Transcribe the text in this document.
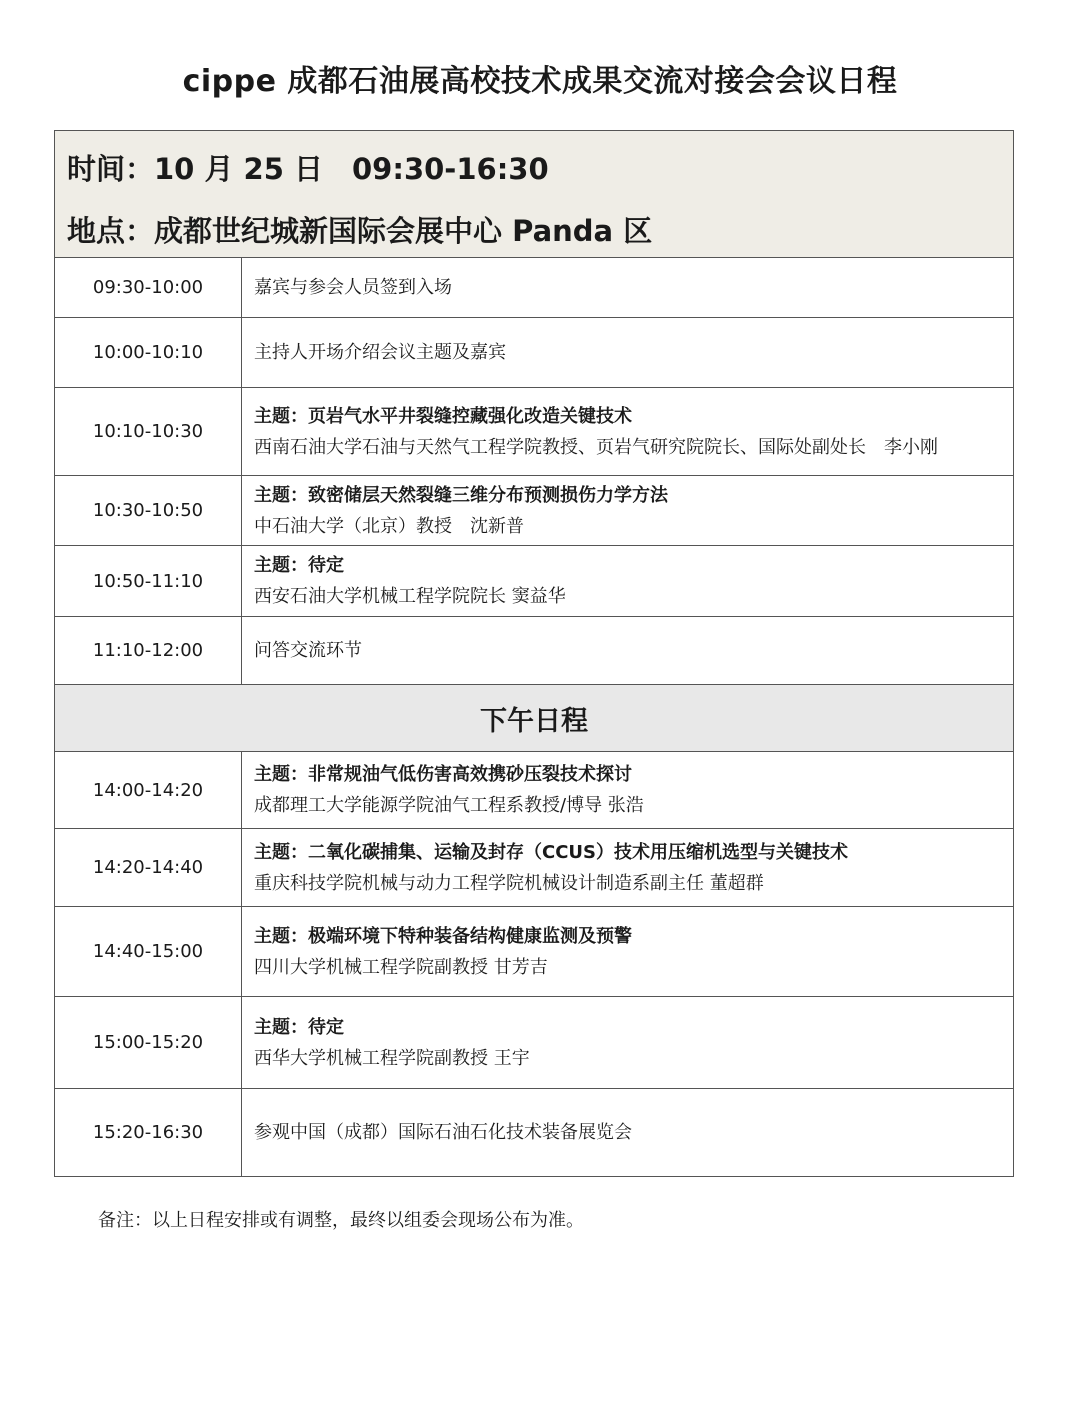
cippe 成都石油展高校技术成果交流对接会会议日程
时间：10 月 25 日　09:30-16:30
地点：成都世纪城新国际会展中心 Panda 区
09:30-10:00	嘉宾与参会人员签到入场
10:00-10:10	主持人开场介绍会议主题及嘉宾
10:10-10:30
主题：页岩气水平井裂缝控藏强化改造关键技术
西南石油大学石油与天然气工程学院教授、页岩气研究院院长、国际处副处长　李小刚
10:30-10:50
主题：致密储层天然裂缝三维分布预测损伤力学方法
中石油大学（北京）教授　沈新普
10:50-11:10
主题：待定
西安石油大学机械工程学院院长 窦益华
11:10-12:00	问答交流环节
下午日程
14:00-14:20
主题：非常规油气低伤害高效携砂压裂技术探讨
成都理工大学能源学院油气工程系教授/博导 张浩
14:20-14:40
主题：二氧化碳捕集、运输及封存（CCUS）技术用压缩机选型与关键技术
重庆科技学院机械与动力工程学院机械设计制造系副主任 董超群
14:40-15:00
主题：极端环境下特种装备结构健康监测及预警
四川大学机械工程学院副教授 甘芳吉
15:00-15:20
主题：待定
西华大学机械工程学院副教授 王宇
15:20-16:30	参观中国（成都）国际石油石化技术装备展览会
备注：以上日程安排或有调整，最终以组委会现场公布为准。
